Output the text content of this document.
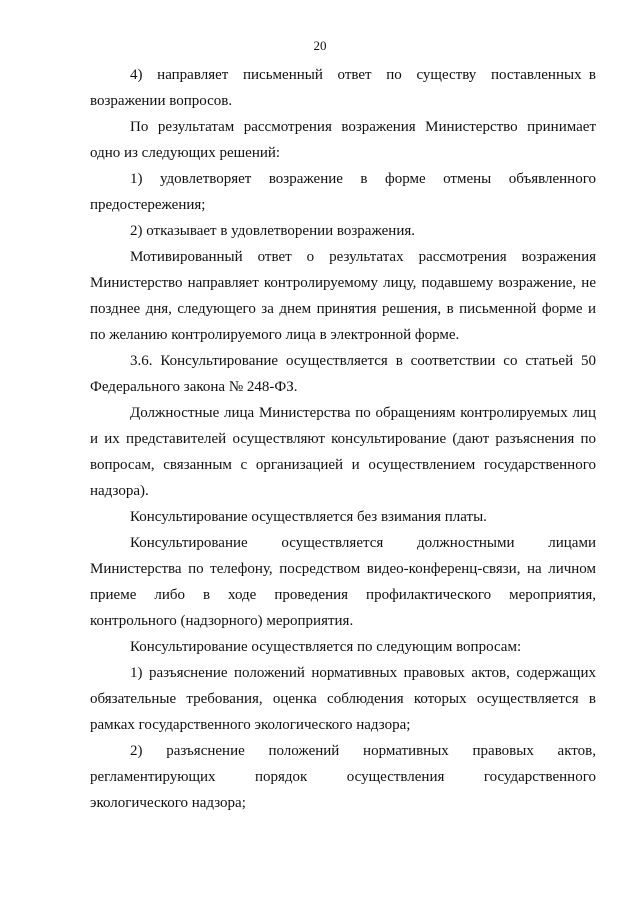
20

4)  направляет  письменный  ответ  по  существу  поставленных в возражении вопросов.

По результатам рассмотрения возражения Министерство принимает одно из следующих решений:

1)  удовлетворяет  возражение  в  форме  отмены  объявленного предостережения;

2) отказывает в удовлетворении возражения.

Мотивированный ответ о результатах рассмотрения возражения Министерство направляет контролируемому лицу, подавшему возражение, не позднее дня, следующего за днем принятия решения, в письменной форме и по желанию контролируемого лица в электронной форме.

3.6. Консультирование осуществляется в соответствии со статьей 50 Федерального закона № 248-ФЗ.

Должностные лица Министерства по обращениям контролируемых лиц и их представителей осуществляют консультирование (дают разъяснения по вопросам, связанным с организацией и осуществлением государственного надзора).

Консультирование осуществляется без взимания платы.

Консультирование    осуществляется    должностными    лицами Министерства по телефону, посредством видео-конференц-связи, на личном приеме  либо  в  ходе  проведения  профилактического  мероприятия, контрольного (надзорного) мероприятия.

Консультирование осуществляется по следующим вопросам:

1) разъяснение положений нормативных правовых актов, содержащих обязательные требования, оценка соблюдения которых осуществляется в рамках государственного экологического надзора;

2)    разъяснение    положений    нормативных    правовых    актов, регламентирующих    порядок    осуществления    государственного экологического надзора;
